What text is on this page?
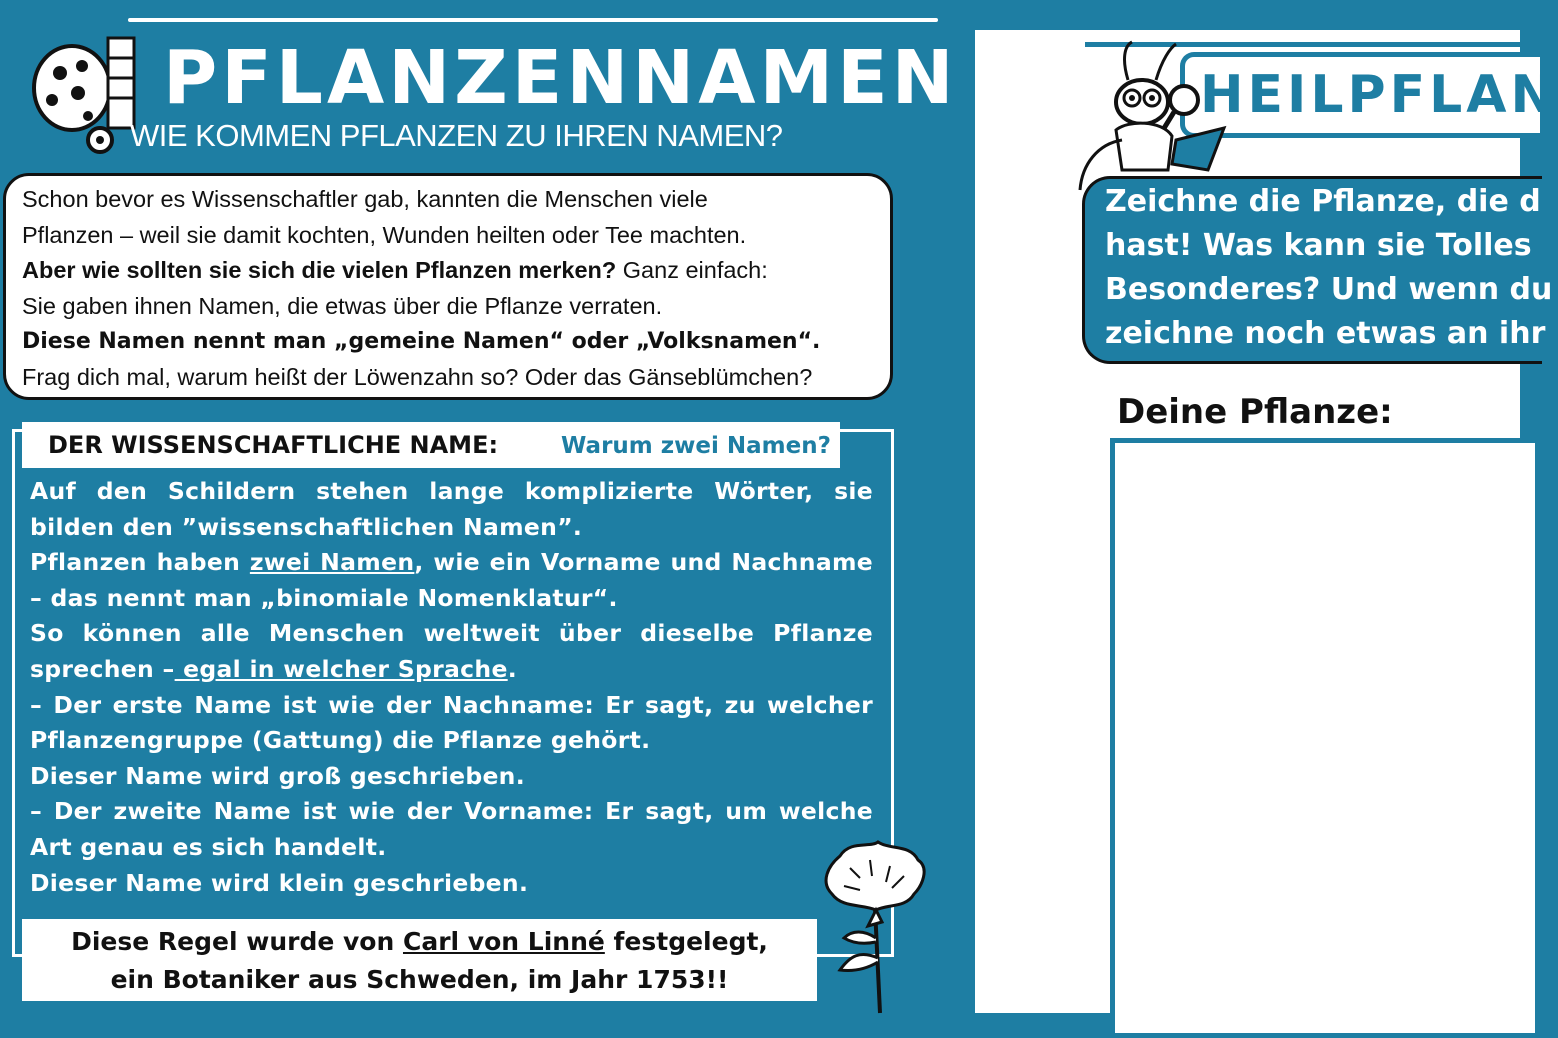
PFLANZENNAMEN
WIE KOMMEN PFLANZEN ZU IHREN NAMEN?

Schon bevor es Wissenschaftler gab, kannten die Menschen viele

Pflanzen – weil sie damit kochten, Wunden heilten oder Tee machten.

Aber wie sollten sie sich die vielen Pflanzen merken? Ganz einfach:

Sie gaben ihnen Namen, die etwas über die Pflanze verraten.

Diese Namen nennt man „gemeine Namen“ oder „Volksnamen“.

Frag dich mal, warum heißt der Löwenzahn so? Oder das Gänseblümchen?

DER WISSENSCHAFTLICHE NAME:	Warum zwei Namen?

Auf den Schildern stehen lange komplizierte Wörter, sie bilden den ”wissenschaftlichen Namen”.

Pflanzen haben zwei Namen, wie ein Vorname und Nachname – das nennt man „binomiale Nomenklatur“.

So können alle Menschen weltweit über dieselbe Pflanze sprechen – egal in welcher Sprache.

– Der erste Name ist wie der Nachname: Er sagt, zu welcher Pflanzengruppe (Gattung) die Pflanze gehört.

Dieser Name wird groß geschrieben.

– Der zweite Name ist wie der Vorname: Er sagt, um welche Art genau es sich handelt.

Dieser Name wird klein geschrieben.

Diese Regel wurde von Carl von Linné festgelegt,
ein Botaniker aus Schweden, im Jahr 1753!!
HEILPFLAN
Zeichne die Pflanze, die d
hast! Was kann sie Tolles
Besonderes? Und wenn du
zeichne noch etwas an ihr
Deine Pflanze:
